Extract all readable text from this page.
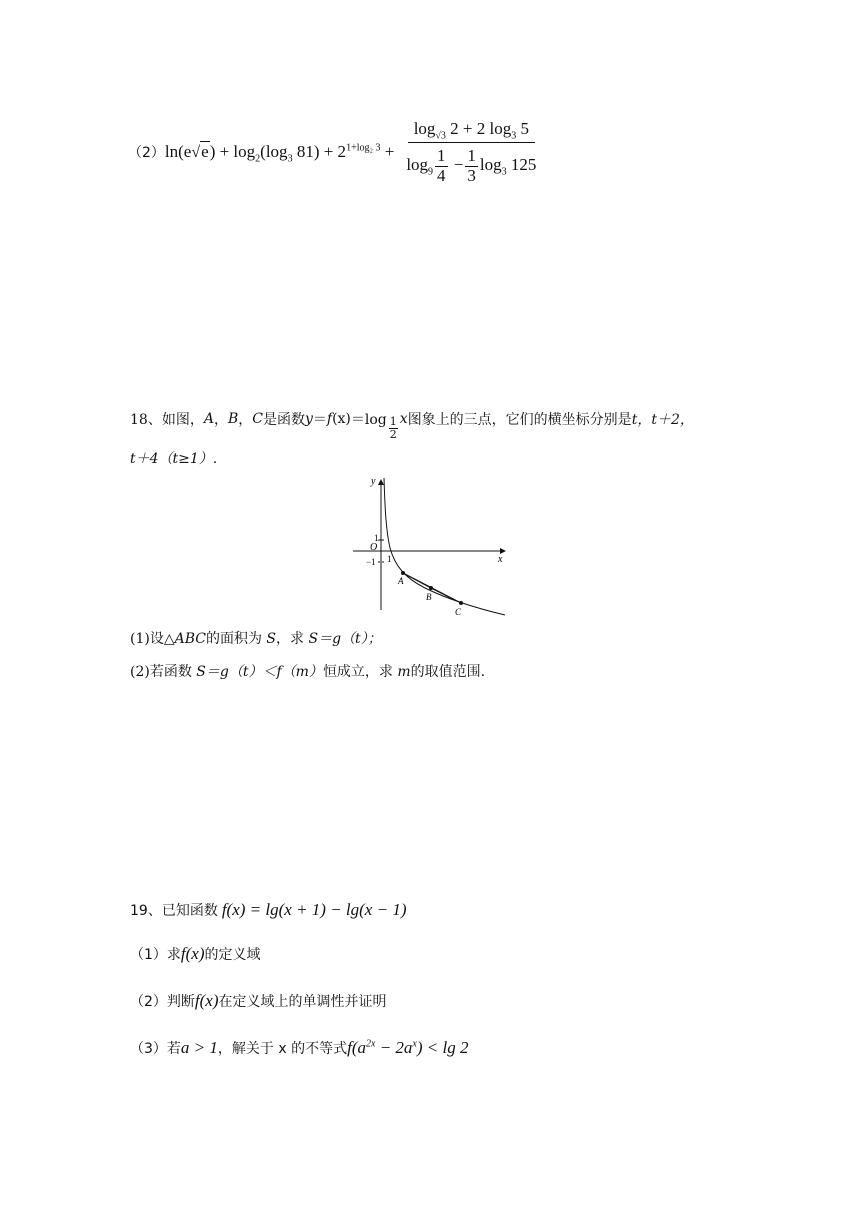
（2） $\ln(e√e) + \log_2(\log_3$ $81) + 2^{1+log_2 3} + \frac{\log_{√3} 2 + 2 \log_3 5}{\log_9 \frac{1}{4} - \frac{1}{3} \log_3 125}$
18、如图， A ， B ， C 是函数 y ＝ f $(x) =\log \frac{1}{2}$ x 图象上的三点，它们的横坐标分别是 t， t＋2，
t＋4（t≥1）.
y
x
O
1
−1 1
A
B
C
(1)设△ABC的面积为 S，求 S＝g（t）；
(2)若函数 S＝g（t）＜f（m）恒成立，求 m的取值范围.
19、已知函数 f(x) = lg(x + 1) − lg(x − 1)
（1） 求 f(x) 的定义域
（2） 判断 f(x) 在定义域上的单调性并证明
（3） 若 a > 1 ，解关于 x 的不等式 $f(a^{2x} - 2a^x) < \lg 2$
